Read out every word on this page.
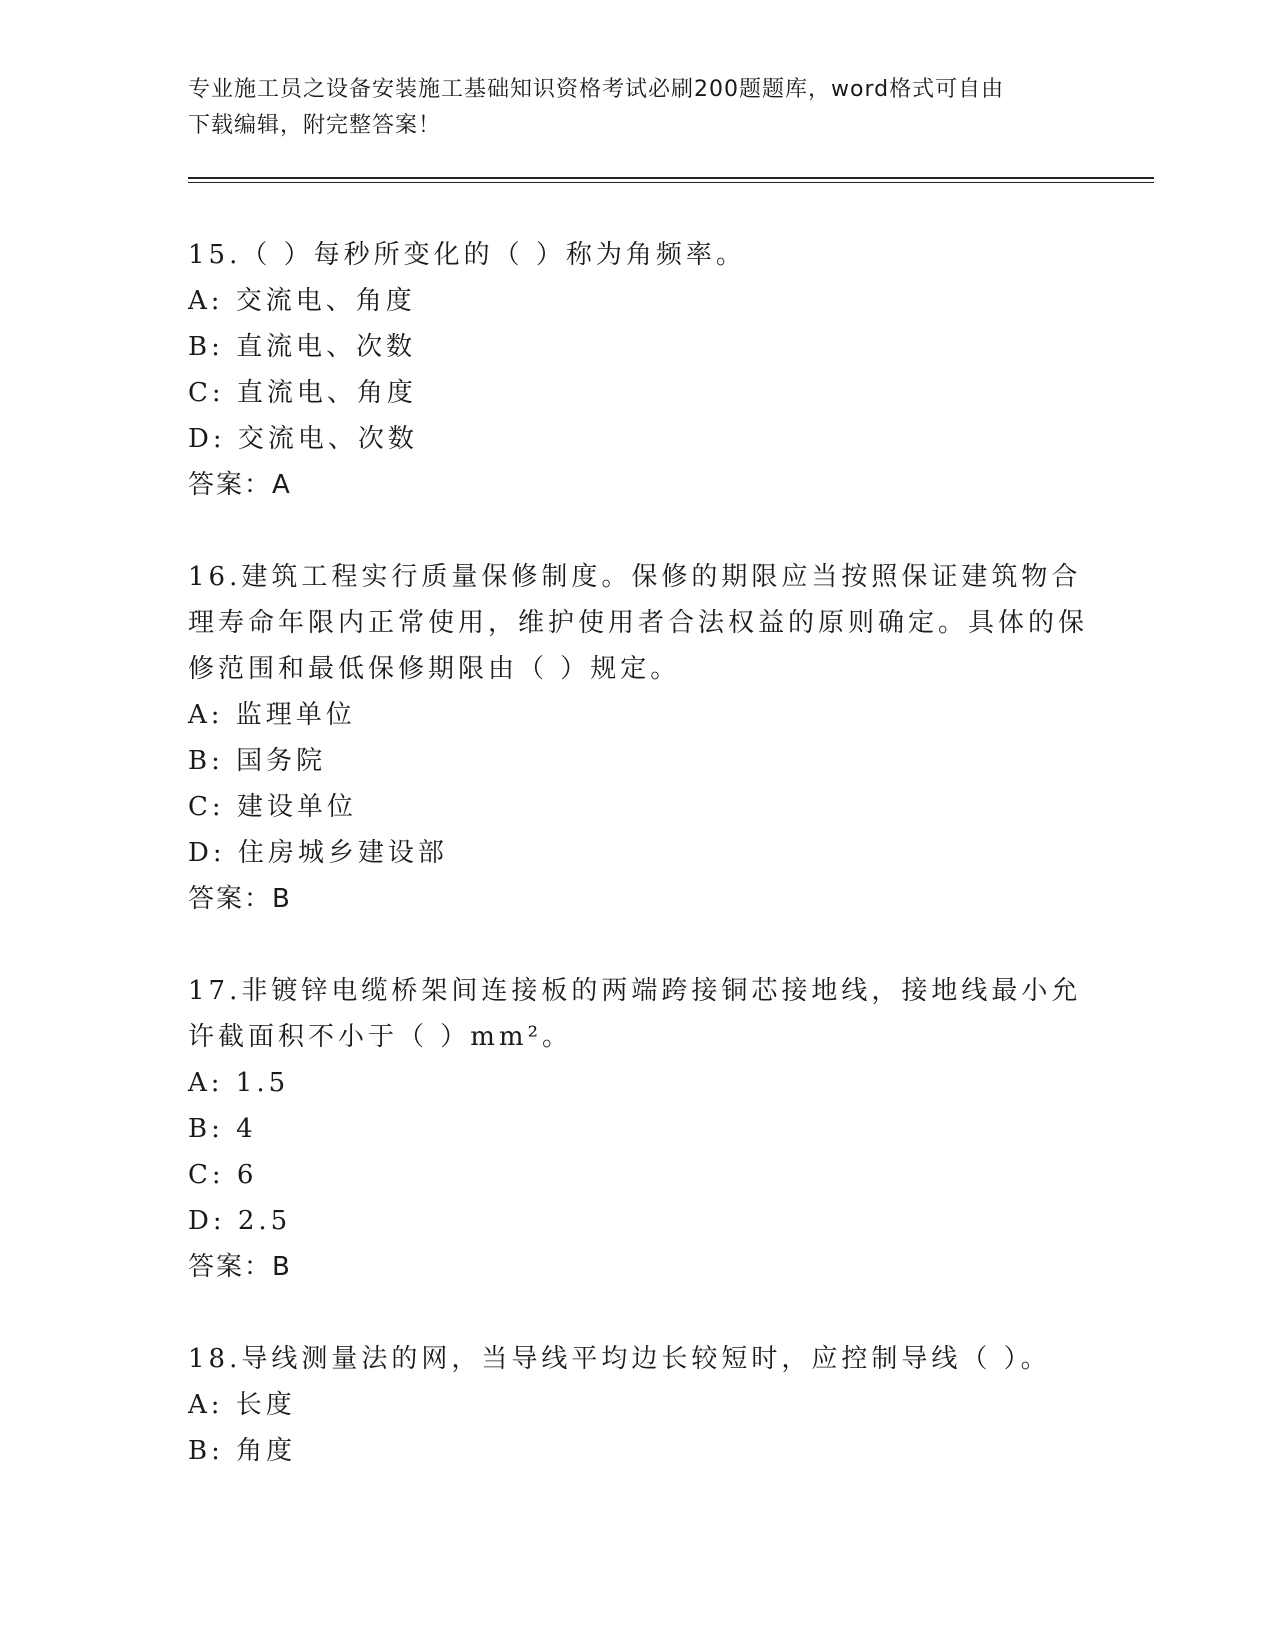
专业施工员之设备安装施工基础知识资格考试必刷200题题库，word格式可自由
下载编辑，附完整答案！
15.（ ）每秒所变化的（ ）称为角频率。
A: 交流电、角度
B: 直流电、次数
C: 直流电、角度
D: 交流电、次数
答案：A
16.建筑工程实行质量保修制度。保修的期限应当按照保证建筑物合理寿命年限内正常使用，维护使用者合法权益的原则确定。具体的保修范围和最低保修期限由（ ）规定。
A: 监理单位
B: 国务院
C: 建设单位
D: 住房城乡建设部
答案：B
17.非镀锌电缆桥架间连接板的两端跨接铜芯接地线，接地线最小允许截面积不小于（ ）mm²。
A: 1.5
B: 4
C: 6
D: 2.5
答案：B
18.导线测量法的网，当导线平均边长较短时，应控制导线（ ）。
A: 长度
B: 角度
